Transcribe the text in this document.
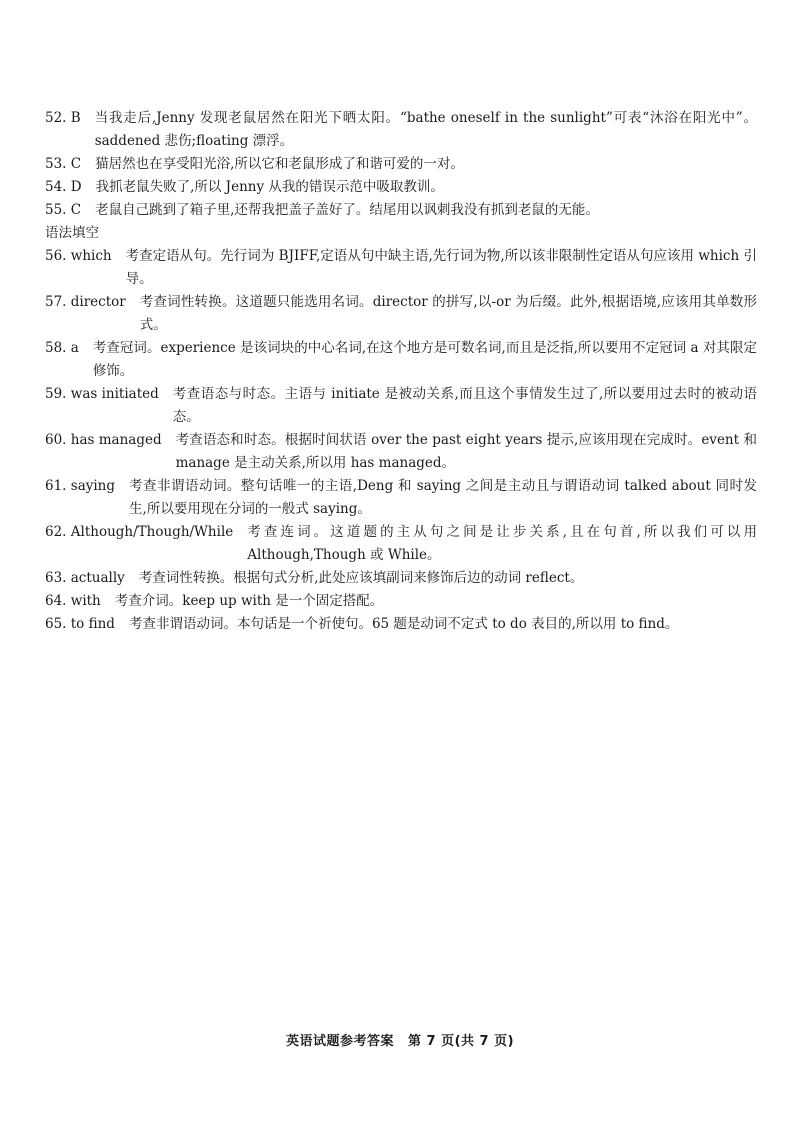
52. B	当我走后,Jenny 发现老鼠居然在阳光下晒太阳。“bathe oneself in the sunlight”可表“沐浴在阳光中”。saddened 悲伤;floating 漂浮。
53. C	猫居然也在享受阳光浴,所以它和老鼠形成了和谐可爱的一对。
54. D	我抓老鼠失败了,所以 Jenny 从我的错误示范中吸取教训。
55. C	老鼠自己跳到了箱子里,还帮我把盖子盖好了。结尾用以讽刺我没有抓到老鼠的无能。
语法填空
56. which	考查定语从句。先行词为 BJIFF,定语从句中缺主语,先行词为物,所以该非限制性定语从句应该用 which 引导。
57. director	考查词性转换。这道题只能选用名词。director 的拼写,以-or 为后缀。此外,根据语境,应该用其单数形式。
58. a	考查冠词。experience 是该词块的中心名词,在这个地方是可数名词,而且是泛指,所以要用不定冠词 a 对其限定修饰。
59. was initiated	考查语态与时态。主语与 initiate 是被动关系,而且这个事情发生过了,所以要用过去时的被动语态。
60. has managed	考查语态和时态。根据时间状语 over the past eight years 提示,应该用现在完成时。event 和 manage 是主动关系,所以用 has managed。
61. saying	考查非谓语动词。整句话唯一的主语,Deng 和 saying 之间是主动且与谓语动词 talked about 同时发生,所以要用现在分词的一般式 saying。
62. Although/Though/While	考查连词。这道题的主从句之间是让步关系,且在句首,所以我们可以用 Although,Though 或 While。
63. actually	考查词性转换。根据句式分析,此处应该填副词来修饰后边的动词 reflect。
64. with	考查介词。keep up with 是一个固定搭配。
65. to find	考查非谓语动词。本句话是一个祈使句。65 题是动词不定式 to do 表目的,所以用 to find。
英语试题参考答案 第 7 页(共 7 页)
